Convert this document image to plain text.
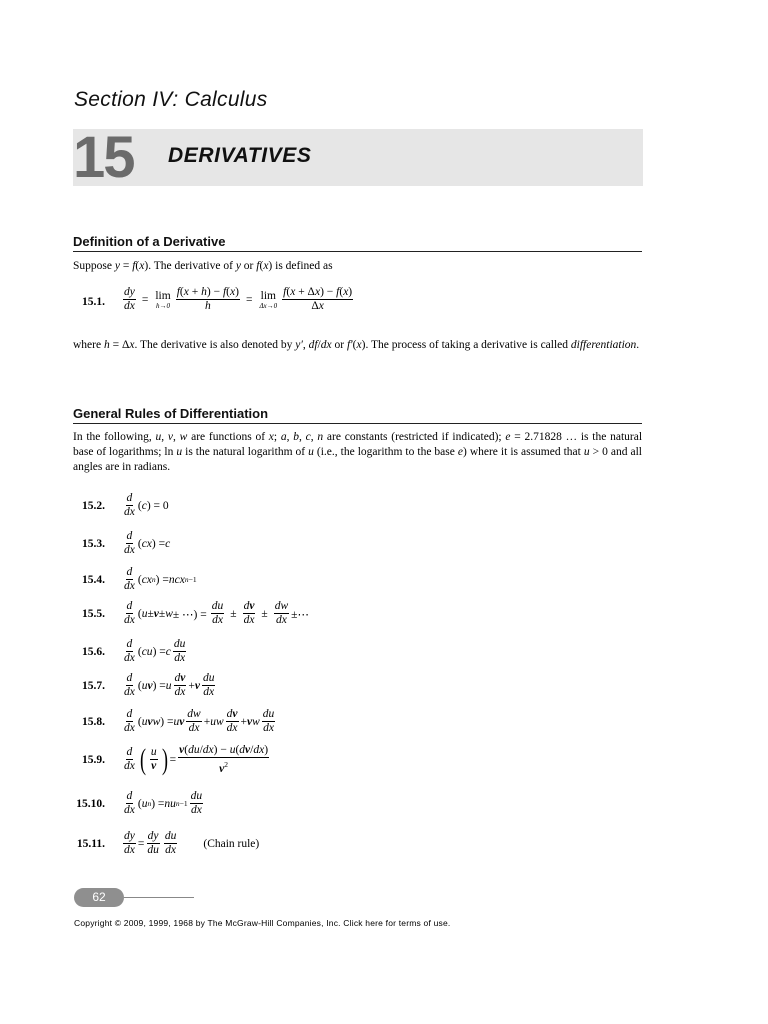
Section IV: Calculus
15 DERIVATIVES
Definition of a Derivative
Suppose y = f(x). The derivative of y or f(x) is defined as
15.1. $\frac{dy}{dx} = \lim$
$h\to 0 \frac{f(x + h) - f(x)}{h} = \lim$
$\Delta x\to 0 \frac{f(x + \Delta x) - f(x)}{\Delta x}$
where h = Δx. The derivative is also denoted by y′, df/dx or f′(x). The process of taking a derivative is called differentiation.
General Rules of Differentiation
In the following, u, v, w are functions of x; a, b, c, n are constants (restricted if indicated); e = 2.71828 … is the natural base of logarithms; ln u is the natural logarithm of u (i.e., the logarithm to the base e) where it is assumed that u > 0 and all angles are in radians.
15.2. $\frac{d}{dx}$ ( c ) = 0
15.3. $\frac{d}{dx}$ ( cx ) = c
15.4. $\frac{d}{dx}$ ( cx n ) = ncx n−1
15.5. $\frac{d}{dx}$ ( u ± v ± w ± ⋯) = $\frac{du}{dx} \pm \frac{dv}{dx} \pm \frac{dw}{dx}$ ±⋯
15.6. $\frac{d}{dx}$ ( cu ) = c $\frac{du}{dx}$
15.7. $\frac{d}{dx}$ ( u v ) = u $\frac{dv}{dx} + v \frac{du}{dx}$
15.8. $\frac{d}{dx}$ ( u v w ) = u v $\frac{dw}{dx}$ + uw $\frac{dv}{dx} + v$ w $\frac{du}{dx}$
15.9. $\frac{d}{dx}$ ( $\frac{u}{v}$ ) = $\frac{v(du/dx) - u(dv/dx)}{v^2}$
15.10. $\frac{d}{dx}$ ( u n ) = nu $n-1 \frac{du}{dx}$
15.11. $\frac{dy}{dx} = \frac{dy}{du} \frac{du}{dx}$ (Chain rule)
62
Copyright © 2009, 1999, 1968 by The McGraw-Hill Companies, Inc. Click here for terms of use.
